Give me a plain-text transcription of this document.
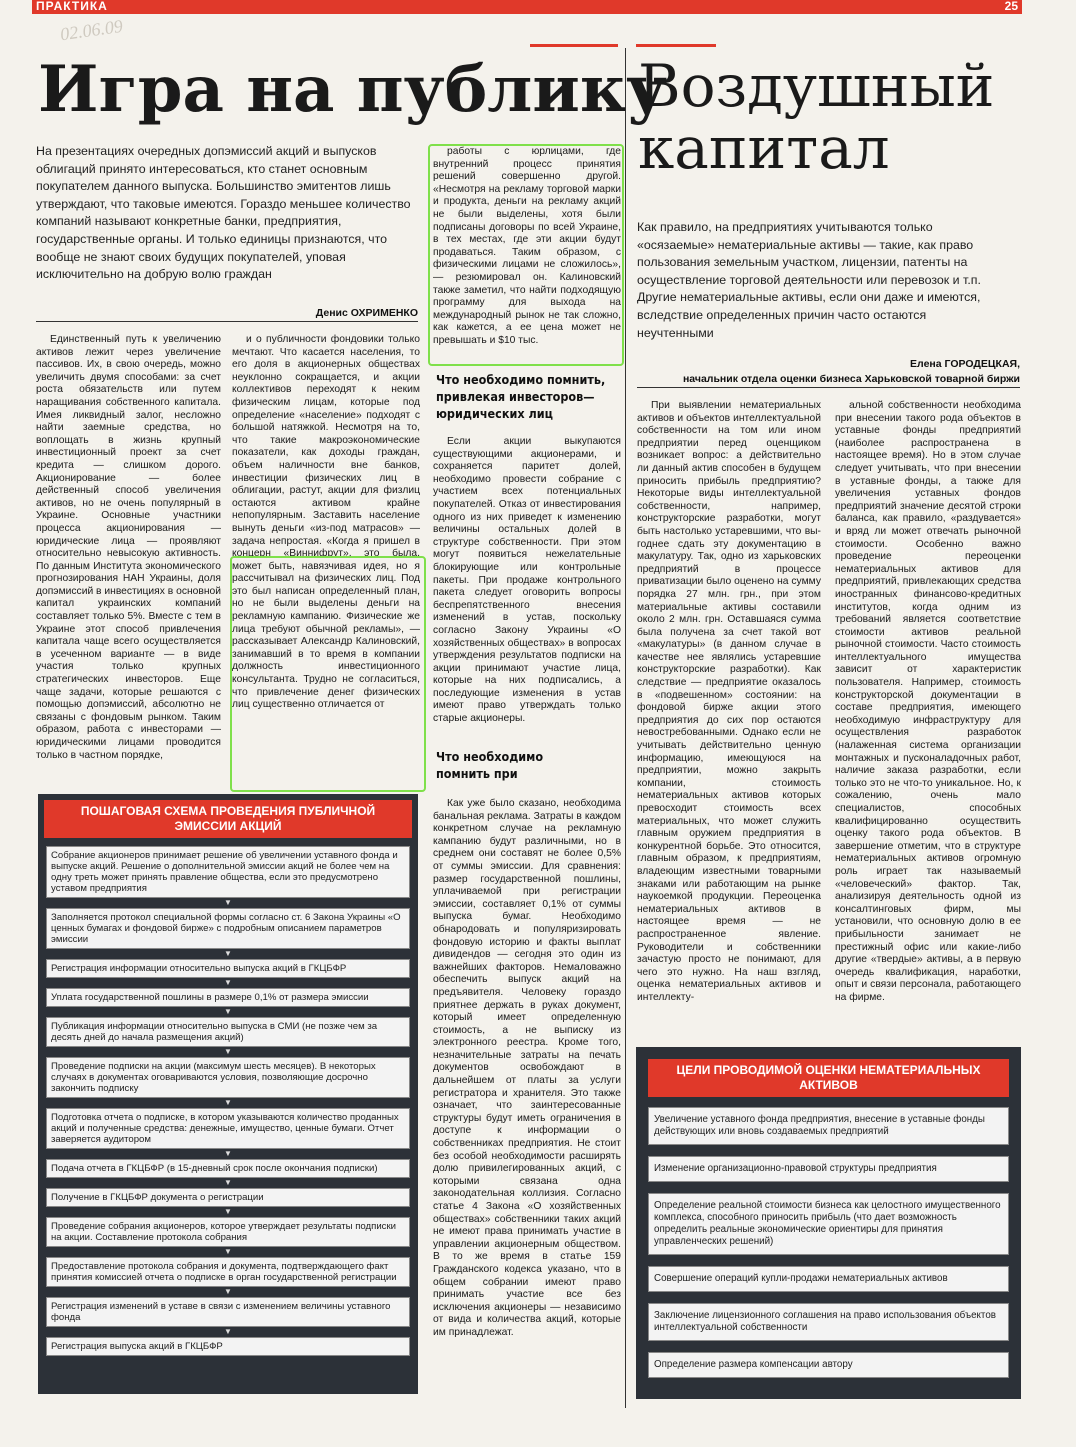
ПРАКТИКА	25
02.06.09
Игра на публику

На презентациях очередных допэмиссий акций и выпусков облигаций принято интересоваться, кто станет основным покупателем данного выпуска. Большинство эмитентов лишь утверждают, что таковые имеются. Гораздо меньшее количество компаний называют конкретные банки, предприятия, государственные органы. И только единицы признаются, что вообще не знают своих будущих покупателей, уповая исключительно на добрую волю граждан

Денис ОХРИМЕНКО

Единственный путь к увеличению активов лежит через увеличение пассивов. Их, в свою очередь, можно увеличить двумя способами: за счет роста обязательств или путем наращивания собственного капитала. Имея ликвидный залог, несложно найти заемные средства, но воплощать в жизнь крупный инвестиционный проект за счет кредита — слишком дорого. Акционирование — более действенный способ увеличения активов, но не очень популярный в Украине. Основные участники процесса акционирования — юридические лица — проявляют относительно невысокую активность. По данным Института экономического прогнозирования НАН Украины, доля допэмиссий в инвестициях в основной капитал украинских компаний составляет только 5%. Вместе с тем в Украине этот способ привлечения капитала чаще всего осуществляется в усеченном варианте — в виде участия только крупных стратегических инвесторов. Еще чаще задачи, которые решаются с помощью допэмиссий, абсолютно не связаны с фондовым рынком. Таким образом, работа с инвесторами — юридическими лицами проводится только в частном порядке,

и о публичности фондовики только мечтают. Что касается населения, то его доля в акционерных обществах неуклонно сокращается, и акции коллективов переходят к неким физическим лицам, которые под определение «население» подходят с большой натяжкой. Несмотря на то, что такие макроэкономические показатели, как доходы граждан, объем наличности вне банков, инвестиции физических лиц в облигации, растут, акции для физлиц остаются активом крайне непопулярным. Заставить население вынуть деньги «из-под матрасов» — задача непростая. «Когда я пришел в концерн «Виннифрут», это была, может быть, навязчивая идея, но я рассчитывал на физических лиц. Под это был написан определенный план, но не были выделены деньги на рекламную кампанию. Физические же лица требуют обычной рекламы», — рассказывает Александр Калиновский, занимавший в то время в компании должность инвестиционного консультанта. Трудно не согласиться, что привлечение денег физических лиц существенно отличается от

работы с юрлицами, где внутренний процесс принятия решений совершенно другой. «Несмотря на рекламу торговой марки и продукта, деньги на рекламу акций не были выделены, хотя были подписаны договоры по всей Украине, в тех местах, где эти акции будут продаваться. Таким образом, с физическими лицами не сложилось», — резюмировал он. Калиновский также заметил, что найти подходящую программу для выхода на международный рынок не так сложно, как кажется, а ее цена может не превышать и $10 тыс.

Что необходимо помнить, привлекая инвесторов— юридических лиц

Если акции выкупаются существующими акционерами, и сохраняется паритет долей, необходимо провести собрание с участием всех потенциальных покупателей. Отказ от инвестирования одного из них приведет к изменению величины остальных долей в структуре собственности. При этом могут появиться нежелательные блокирующие или контрольные пакеты. При продаже контрольного пакета следует оговорить вопросы беспрепятственного внесения изменений в устав, поскольку согласно Закону Украины «О хозяйственных обществах» в вопросах утверждения результатов подписки на акции принимают участие лица, которые на них подписались, а последующие изменения в устав имеют право утверждать только старые акционеры.

Что необходимо помнить при

Как уже было сказано, необходима банальная реклама. Затраты в каждом конкретном случае на рекламную кампанию будут различными, но в среднем они составят не более 0,5% от суммы эмиссии. Для сравнения: размер государственной пошлины, уплачиваемой при регистрации эмиссии, составляет 0,1% от суммы выпуска бумаг. Необходимо обнародовать и популяризировать фондовую историю и факты выплат дивидендов — сегодня это один из важнейших факторов. Немаловажно обеспечить выпуск акций на предъявителя. Человеку гораздо приятнее держать в руках документ, который имеет определенную стоимость, а не выписку из электронного реестра. Кроме того, незначительные затраты на печать документов освобождают в дальнейшем от платы за услуги регистратора и хранителя. Это также означает, что заинтересованные структуры будут иметь ограничения в доступе к информации о собственниках предприятия. Не стоит без особой необходимости расширять долю привилегированных акций, с которыми связана одна законодательная коллизия. Согласно статье 4 Закона «О хозяйственных обществах» собственники таких акций не имеют права принимать участие в управлении акционерным обществом. В то же время в статье 159 Гражданского кодекса указано, что в общем собрании имеют право принимать участие все без исключения акционеры — независимо от вида и количества акций, которые им принадлежат.

ПОШАГОВАЯ СХЕМА ПРОВЕДЕНИЯ ПУБЛИЧНОЙ ЭМИССИИ АКЦИЙ
Собрание акционеров принимает решение об увеличении уставного фонда и выпуске акций. Решение о дополнительной эмиссии акций не более чем на одну треть может принять правление общества, если это предусмотрено уставом предприятия
▼
Заполняется протокол специальной формы согласно ст. 6 Закона Украины «О ценных бумагах и фондовой бирже» с подробным описанием параметров эмиссии
▼
Регистрация информации относительно выпуска акций в ГКЦБФР
▼
Уплата государственной пошлины в размере 0,1% от размера эмиссии
▼
Публикация информации относительно выпуска в СМИ (не позже чем за десять дней до начала размещения акций)
▼
Проведение подписки на акции (максимум шесть месяцев). В некоторых случаях в документах оговариваются условия, позволяющие досрочно закончить подписку
▼
Подготовка отчета о подписке, в котором указываются количество проданных акций и полученные средства: денежные, имущество, ценные бумаги. Отчет заверяется аудитором
▼
Подача отчета в ГКЦБФР (в 15-дневный срок после окончания подписки)
▼
Получение в ГКЦБФР документа о регистрации
▼
Проведение собрания акционеров, которое утверждает результаты подписки на акции. Составление протокола собрания
▼
Предоставление протокола собрания и документа, подтверждающего факт принятия комиссией отчета о подписке в орган государственной регистрации
▼
Регистрация изменений в уставе в связи с изменением величины уставного фонда
▼
Регистрация выпуска акций в ГКЦБФР
Воздушный капитал

Как правило, на предприятиях учитываются только «осязаемые» нематериальные активы — такие, как право пользования земельным участком, лицензии, патенты на осуществление торговой деятельности или перевозок и т.п. Другие нематериальные активы, если они даже и имеются, вследствие определенных причин часто остаются неучтенными

Елена ГОРОДЕЦКАЯ,
начальник отдела оценки бизнеса Харьковской товарной биржи

При выявлении нематериальных активов и объектов интеллектуальной собственности на том или ином предприятии перед оценщиком возникает вопрос: а действительно ли данный актив способен в будущем приносить прибыль предприятию? Некоторые виды интеллектуальной собственности, например, конструкторские разработки, могут быть настолько устаревшими, что вы-годнее сдать эту документацию в макулатуру. Так, одно из харьковских предприятий в процессе приватизации было оценено на сумму порядка 27 млн. грн., при этом материальные активы составили около 2 млн. грн. Оставшаяся сумма была получена за счет такой вот «макулатуры» (в данном случае в качестве нее являлись устаревшие конструкторские разработки). Как следствие — предприятие оказалось в «подвешенном» состоянии: на фондовой бирже акции этого предприятия до сих пор остаются невостребованными. Однако если не учитывать действительно ценную информацию, имеющуюся на предприятии, можно закрыть компании, стоимость нематериальных активов которых превосходит стоимость всех материальных, что может служить главным оружием предприятия в конкурентной борьбе. Это относится, главным образом, к предприятиям, владеющим известными товарными знаками или работающим на рынке наукоемкой продукции. Переоценка нематериальных активов в настоящее время — не распространенное явление. Руководители и собственники зачастую просто не понимают, для чего это нужно. На наш взгляд, оценка нематериальных активов и интеллекту-

альной собственности необходима при внесении такого рода объектов в уставные фонды предприятий (наиболее распространена в настоящее время). Но в этом случае следует учитывать, что при внесении в уставные фонды, а также для увеличения уставных фондов предприятий значение десятой строки баланса, как правило, «раздувается» и вряд ли может отвечать рыночной стоимости. Особенно важно проведение переоценки нематериальных активов для предприятий, привлекающих средства иностранных финансово-кредитных институтов, когда одним из требований является соответствие стоимости активов реальной рыночной стоимости. Часто стоимость интеллектуального имущества зависит от характеристик пользователя. Например, стоимость конструкторской документации в составе предприятия, имеющего необходимую инфраструктуру для осуществления разработок (налаженная система организации монтажных и пусконаладочных работ, наличие заказа разработки, если только это не что-то уникальное. Но, к сожалению, очень мало специалистов, способных квалифицированно осуществить оценку такого рода объектов. В завершение отметим, что в структуре нематериальных активов огромную роль играет так называемый «человеческий» фактор. Так, анализируя деятельность одной из консалтинговых фирм, мы установили, что основную долю в ее прибыльности занимает не престижный офис или какие-либо другие «твердые» активы, а в первую очередь квалификация, наработки, опыт и связи персонала, работающего на фирме.

ЦЕЛИ ПРОВОДИМОЙ ОЦЕНКИ НЕМАТЕРИАЛЬНЫХ АКТИВОВ
Увеличение уставного фонда предприятия, внесение в уставные фонды действующих или вновь создаваемых предприятий
Изменение организационно-правовой структуры предприятия
Определение реальной стоимости бизнеса как целостного имущественного комплекса, способного приносить прибыль (что дает возможность определить реальные экономические ориентиры для принятия управленческих решений)
Совершение операций купли-продажи нематериальных активов
Заключение лицензионного соглашения на право использования объектов интеллектуальной собственности
Определение размера компенсации автору
